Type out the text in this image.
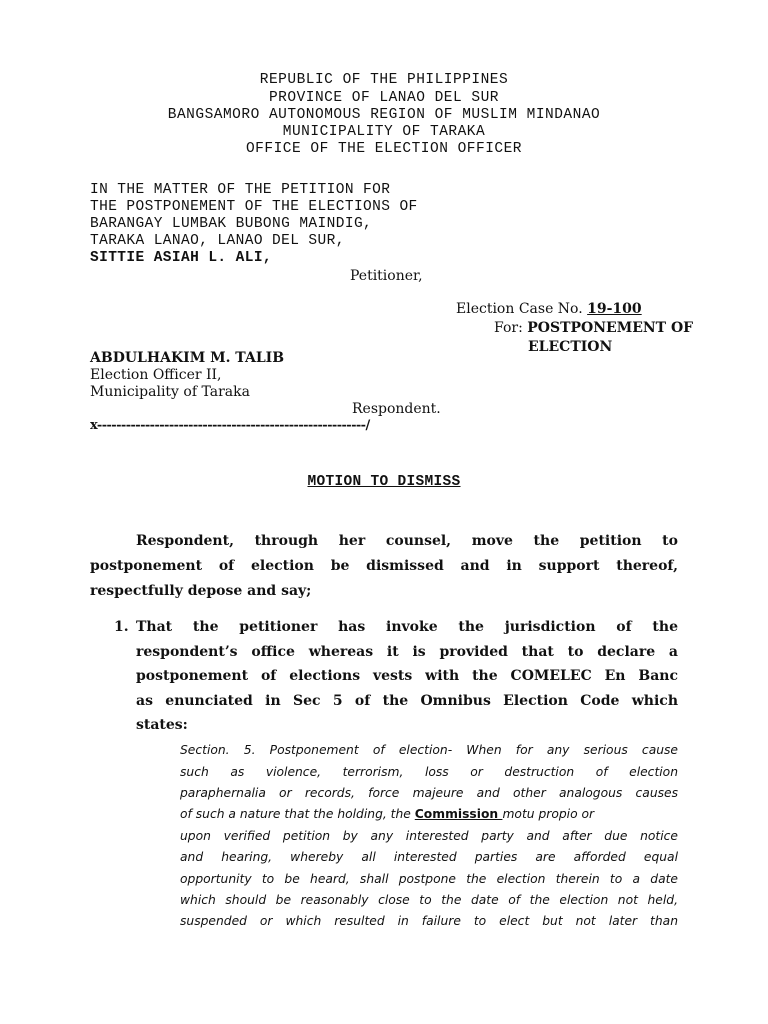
REPUBLIC OF THE PHILIPPINES
PROVINCE OF LANAO DEL SUR
BANGSAMORO AUTONOMOUS REGION OF MUSLIM MINDANAO
MUNICIPALITY OF TARAKA
OFFICE OF THE ELECTION OFFICER
IN THE MATTER OF THE PETITION FOR
THE POSTPONEMENT OF THE ELECTIONS OF
BARANGAY LUMBAK BUBONG MAINDIG,
TARAKA LANAO, LANAO DEL SUR,
SITTIE ASIAH L. ALI,
Petitioner,
Election Case No. 19-100
For: POSTPONEMENT OF
ELECTION
ABDULHAKIM M. TALIB
Election Officer II,
Municipality of Taraka
Respondent.
x--------------------------------------------------------/
MOTION TO DISMISS
Respondent, through her counsel, move the petition to
postponement of election be dismissed and in support thereof,
respectfully depose and say;
1. That the petitioner has invoke the jurisdiction of the
respondent’s office whereas it is provided that to declare a
postponement of elections vests with the COMELEC En Banc
as enunciated in Sec 5 of the Omnibus Election Code which
states:
Section. 5. Postponement of election- When for any serious cause
such as violence, terrorism, loss or destruction of election
paraphernalia or records, force majeure and other analogous causes
of such a nature that the holding, the Commission motu propio or
upon verified petition by any interested party and after due notice
and hearing, whereby all interested parties are afforded equal
opportunity to be heard, shall postpone the election therein to a date
which should be reasonably close to the date of the election not held,
suspended or which resulted in failure to elect but not later than
